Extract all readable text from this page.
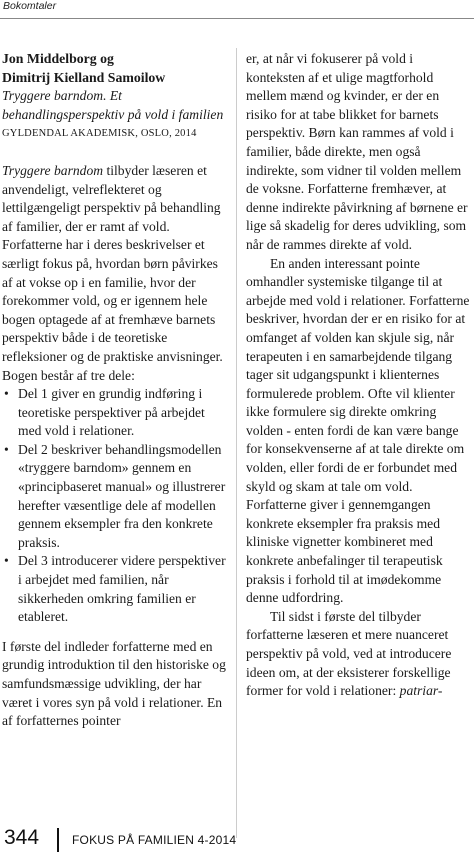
Bokomtaler
Jon Middelborg og
Dimitrij Kielland Samoilow
Tryggere barndom. Et behandlingsperspektiv på vold i familien
GYLDENDAL AKADEMISK, OSLO, 2014

Tryggere barndom tilbyder læseren et anvendeligt, velreflekteret og lettilgængeligt perspektiv på behandling af familier, der er ramt af vold. Forfatterne har i deres beskrivelser et særligt fokus på, hvordan børn påvirkes af at vokse op i en familie, hvor der forekommer vold, og er igennem hele bogen optagede af at fremhæve barnets perspektiv både i de teoretiske refleksioner og de praktiske anvisninger. Bogen består af tre dele:

• Del 1 giver en grundig indføring i teoretiske perspektiver på arbejdet med vold i relationer.
• Del 2 beskriver behandlingsmodellen «tryggere barndom» gennem en «principbaseret manual» og illustrerer herefter væsentlige dele af modellen gennem eksempler fra den konkrete praksis.
• Del 3 introducerer videre perspektiver i arbejdet med familien, når sikkerheden omkring familien er etableret.

I første del indleder forfatterne med en grundig introduktion til den historiske og samfundsmæssige udvikling, der har været i vores syn på vold i relationer. En af forfatternes pointer

er, at når vi fokuserer på vold i konteksten af et ulige magtforhold mellem mænd og kvinder, er der en risiko for at tabe blikket for barnets perspektiv. Børn kan rammes af vold i familier, både direkte, men også indirekte, som vidner til volden mellem de voksne. Forfatterne fremhæver, at denne indirekte påvirkning af børnene er lige så skadelig for deres udvikling, som når de rammes direkte af vold.

En anden interessant pointe omhandler systemiske tilgange til at arbejde med vold i relationer. Forfatterne beskriver, hvordan der er en risiko for at omfanget af volden kan skjule sig, når terapeuten i en samarbejdende tilgang tager sit udgangspunkt i klienternes formulerede problem. Ofte vil klienter ikke formulere sig direkte omkring volden - enten fordi de kan være bange for konsekvenserne af at tale direkte om volden, eller fordi de er forbundet med skyld og skam at tale om vold. Forfatterne giver i gennemgangen konkrete eksempler fra praksis med kliniske vignetter kombineret med konkrete anbefalinger til terapeutisk praksis i forhold til at imødekomme denne udfordring.

Til sidst i første del tilbyder forfatterne læseren et mere nuanceret perspektiv på vold, ved at introducere ideen om, at der eksisterer forskellige former for vold i relationer: patriar-

344	FOKUS PÅ FAMILIEN 4-2014
